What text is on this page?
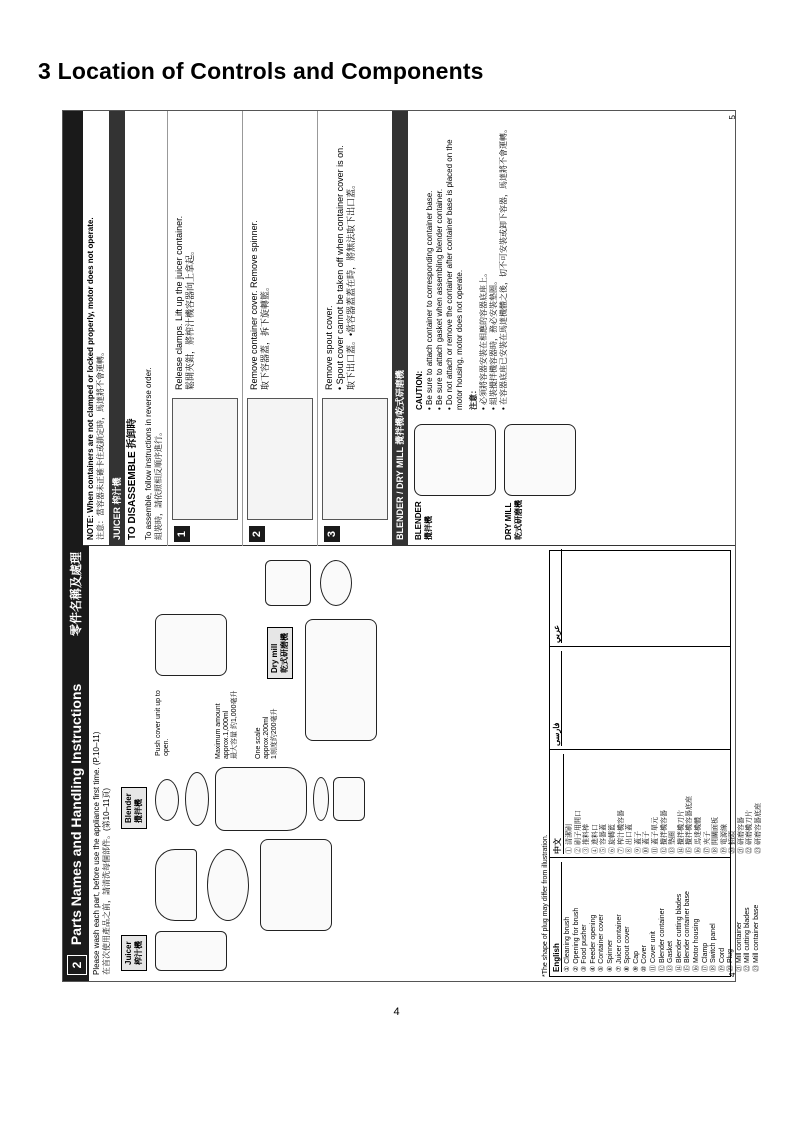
3 Location of Controls and Components
2 Parts Names and Handling Instructions
零件名稱及處理
Please wash each part, before use the appliance first time. (P.10–11) 在首次使用產品之前，請清洗每個部件。(第10–11頁)	Juicer
榨汁機
Blender
攪拌機
Dry mill
乾式研磨機
Push cover unit up to open.	Maximum amount approx.1,000ml
最大容量 約1,000毫升 One scale approx.200ml
1刻度約200毫升
*The shape of plug may differ from illustration. English ① Cleaning brush
② Opening for brush
③ Food pusher
④ Feeder opening
⑤ Container cover
⑥ Spinner
⑦ Juicer container
⑧ Spout cover
⑨ Cap
⑩ Cover
⑪ Cover unit
⑫ Blender container
⑬ Gasket
⑭ Blender cutting blades
⑮ Blender container base
⑯ Motor housing
⑰ Clamp
⑱ Switch panel
⑲ Cord
⑳ Plug
㉑ Mill container
㉒ Mill cutting blades
㉓ Mill container base
中文 ① 清潔刷
② 刷子用開口
③ 推料棒
④ 進料口
⑤ 容器蓋
⑥ 旋轉籃
⑦ 榨汁機容器
⑧ 出口蓋
⑨ 蓋子
⑩ 蓋子
⑪ 蓋子單元
⑫ 攪拌機容器
⑬ 墊圈
⑭ 攪拌機刀片
⑮ 攪拌機容器底座
⑯ 馬達機體
⑰ 夾子
⑱ 開關面板
⑲ 電源線
⑳ 插頭
㉑ 研磨容器
㉒ 研磨機刀片
㉓ 研磨容器底座
فارسی
عربي
4
NOTE: When containers are not clamped or locked properly, motor does not operate. 注意：當容器未正確卡住或鎖定時，馬達將不會運轉。 JUICER 榨汁機 TO DISASSEMBLE 拆卸時 To assemble, follow instructions in reverse order. 組裝時，請依照相反順序進行。 1
Release clamps. Lift up the juicer container. 鬆開夾鉗，將榨汁機容器向上拿起。
2
Remove container cover. Remove spinner. 取下容器蓋，拆下旋轉籃。
3
Remove spout cover. • Spout cover cannot be taken off when container cover is on. 取下出口蓋。•當容器蓋蓋在時，將無法取下出口蓋。
BLENDER / DRY MILL 攪拌機/乾式研磨機
BLENDER
攪拌機	DRY MILL
乾式研磨機
CAUTION: • Be sure to attach container to corresponding container base. • Be sure to attach gasket when assembling blender container. • Do not attach or remove the container after container base is placed on the motor housing, motor does not operate. 注意： • 必須將容器安裝在相應的容器底座上。 • 組裝攪拌機容器時，務必安裝墊圈。 • 在容器底座已安裝在馬達機體之後，切不可安裝或卸下容器，馬達將不會運轉。
5
4
